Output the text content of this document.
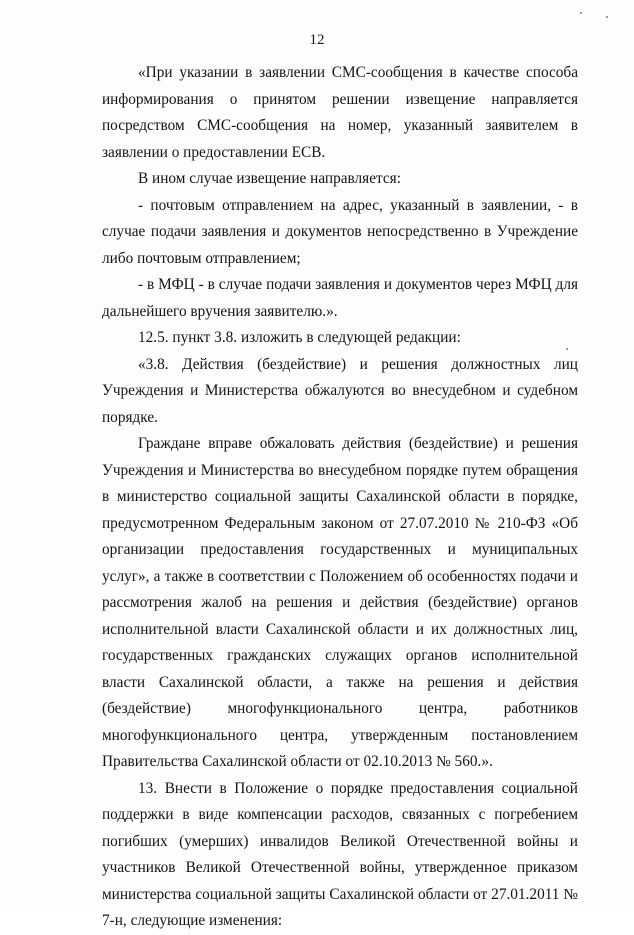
12

«При указании в заявлении СМС-сообщения в качестве способа информирования о принятом решении извещение направляется посредством СМС-сообщения на номер, указанный заявителем в заявлении о предоставлении ЕСВ.

В ином случае извещение направляется:

- почтовым отправлением на адрес, указанный в заявлении, - в случае подачи заявления и документов непосредственно в Учреждение либо почтовым отправлением;

- в МФЦ - в случае подачи заявления и документов через МФЦ для дальнейшего вручения заявителю.».

12.5. пункт 3.8. изложить в следующей редакции:

«3.8. Действия (бездействие) и решения должностных лиц Учреждения и Министерства обжалуются во внесудебном и судебном порядке.

Граждане вправе обжаловать действия (бездействие) и решения Учреждения и Министерства во внесудебном порядке путем обращения в министерство социальной защиты Сахалинской области в порядке, предусмотренном Федеральным законом от 27.07.2010 № 210-ФЗ «Об организации предоставления государственных и муниципальных услуг», а также в соответствии с Положением об особенностях подачи и рассмотрения жалоб на решения и действия (бездействие) органов исполнительной власти Сахалинской области и их должностных лиц, государственных гражданских служащих органов исполнительной власти Сахалинской области, а также на решения и действия (бездействие) многофункционального центра, работников многофункционального центра, утвержденным постановлением Правительства Сахалинской области от 02.10.2013 № 560.».

13. Внести в Положение о порядке предоставления социальной поддержки в виде компенсации расходов, связанных с погребением погибших (умерших) инвалидов Великой Отечественной войны и участников Великой Отечественной войны, утвержденное приказом министерства социальной защиты Сахалинской области от 27.01.2011 № 7-н, следующие изменения:
